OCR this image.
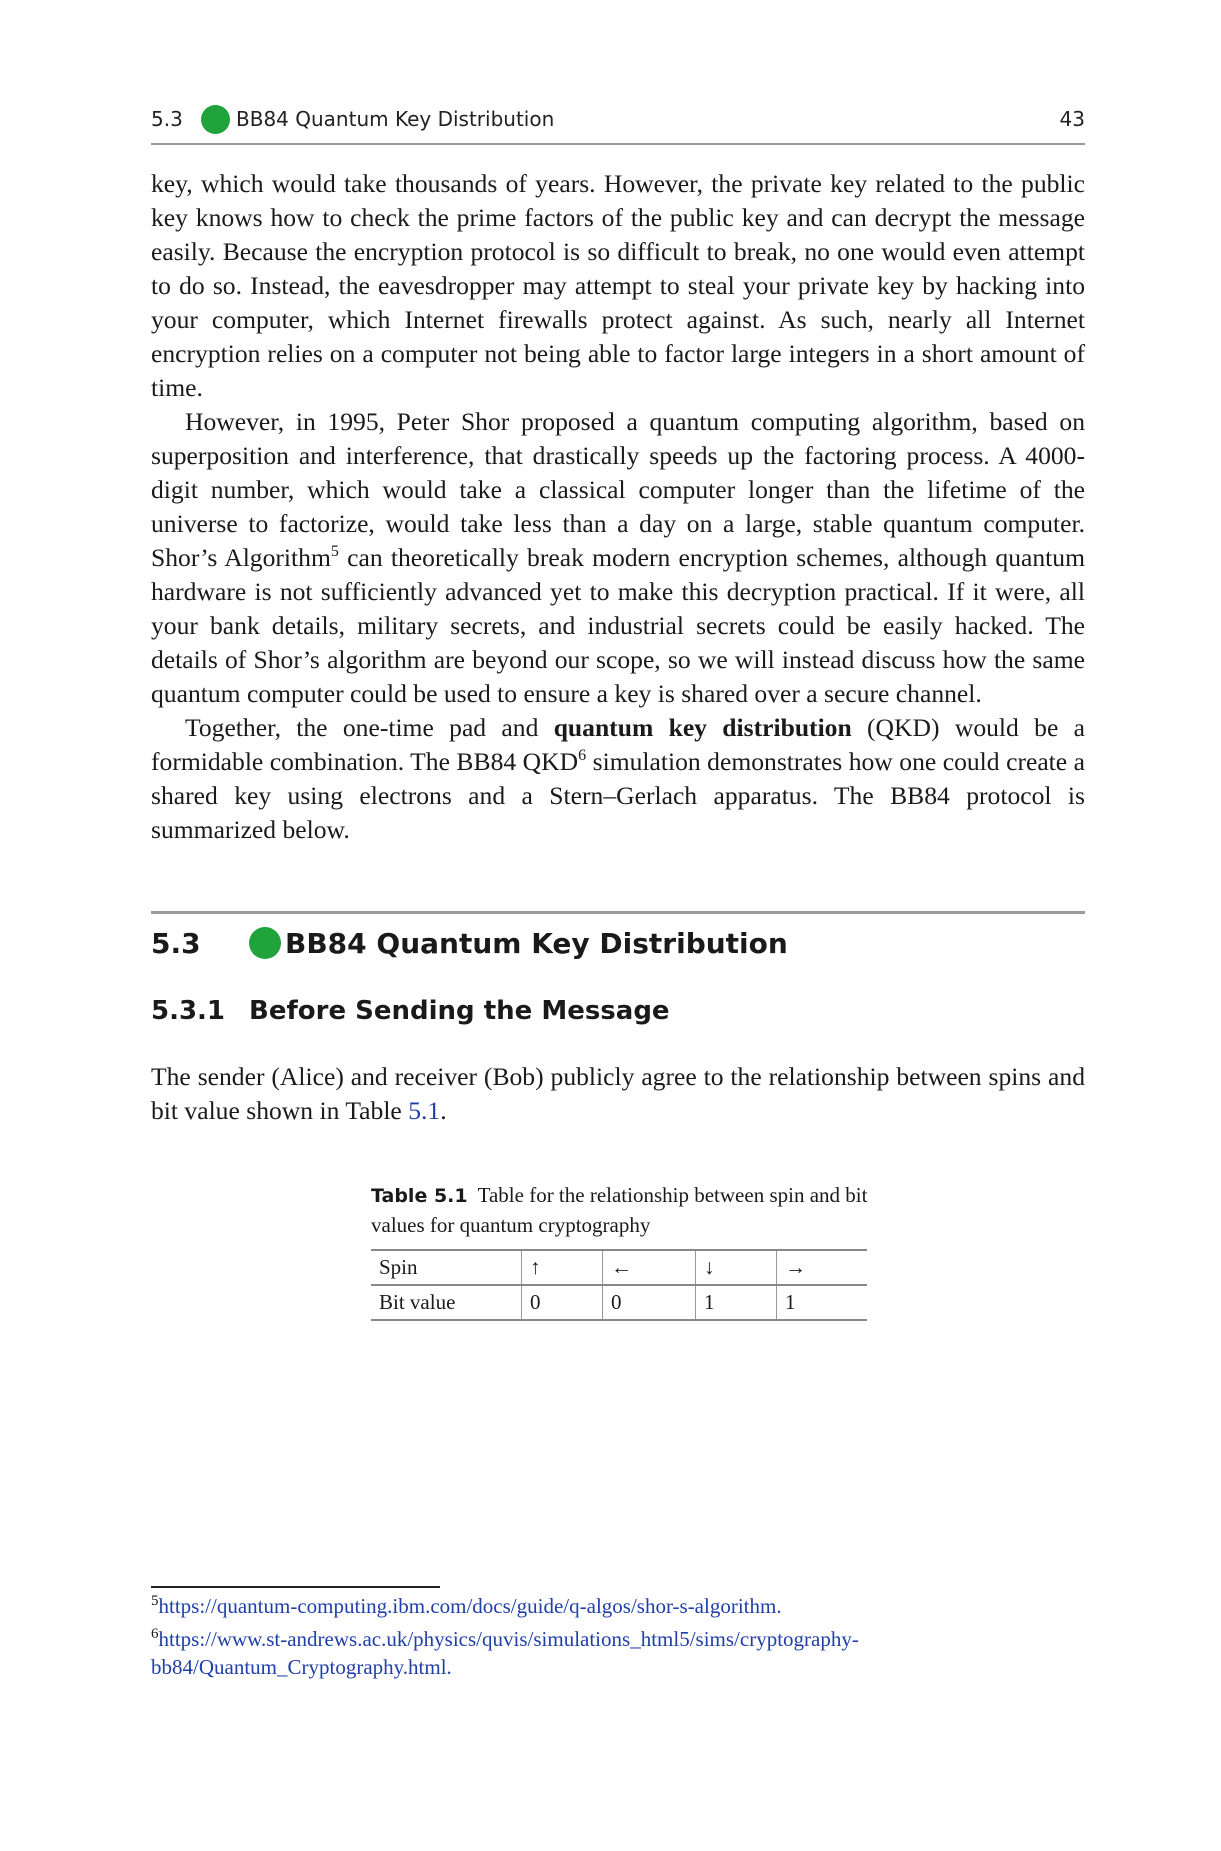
5.3	BB84 Quantum Key Distribution	43

key, which would take thousands of years. However, the private key related to the public key knows how to check the prime factors of the public key and can decrypt the message easily. Because the encryption protocol is so difficult to break, no one would even attempt to do so. Instead, the eavesdropper may attempt to steal your private key by hacking into your computer, which Internet firewalls protect against. As such, nearly all Internet encryption relies on a computer not being able to factor large integers in a short amount of time.

However, in 1995, Peter Shor proposed a quantum computing algorithm, based on superposition and interference, that drastically speeds up the factoring process. A 4000-digit number, which would take a classical computer longer than the lifetime of the universe to factorize, would take less than a day on a large, stable quantum computer. Shor’s Algorithm$^5$ can theoretically break modern encryption schemes, although quantum hardware is not sufficiently advanced yet to make this decryption practical. If it were, all your bank details, military secrets, and industrial secrets could be easily hacked. The details of Shor’s algorithm are beyond our scope, so we will instead discuss how the same quantum computer could be used to ensure a key is shared over a secure channel.

Together, the one-time pad and quantum key distribution (QKD) would be a formidable combination. The BB84 QKD$^6$ simulation demonstrates how one could create a shared key using electrons and a Stern–Gerlach apparatus. The BB84 protocol is summarized below.

5.3	BB84 Quantum Key Distribution
5.3.1 Before Sending the Message

The sender (Alice) and receiver (Bob) publicly agree to the relationship between spins and bit value shown in Table 5.1.

Table 5.1 Table for the relationship between spin and bit values for quantum cryptography
Spin	↑	←	↓	→
Bit value	0	0	1	1

$^5$https://quantum-computing.ibm.com/docs/guide/q-algos/shor-s-algorithm.

$^6$https://www.st-andrews.ac.uk/physics/quvis/simulations_html5/sims/cryptography-bb84/Quantum_Cryptography.html.
